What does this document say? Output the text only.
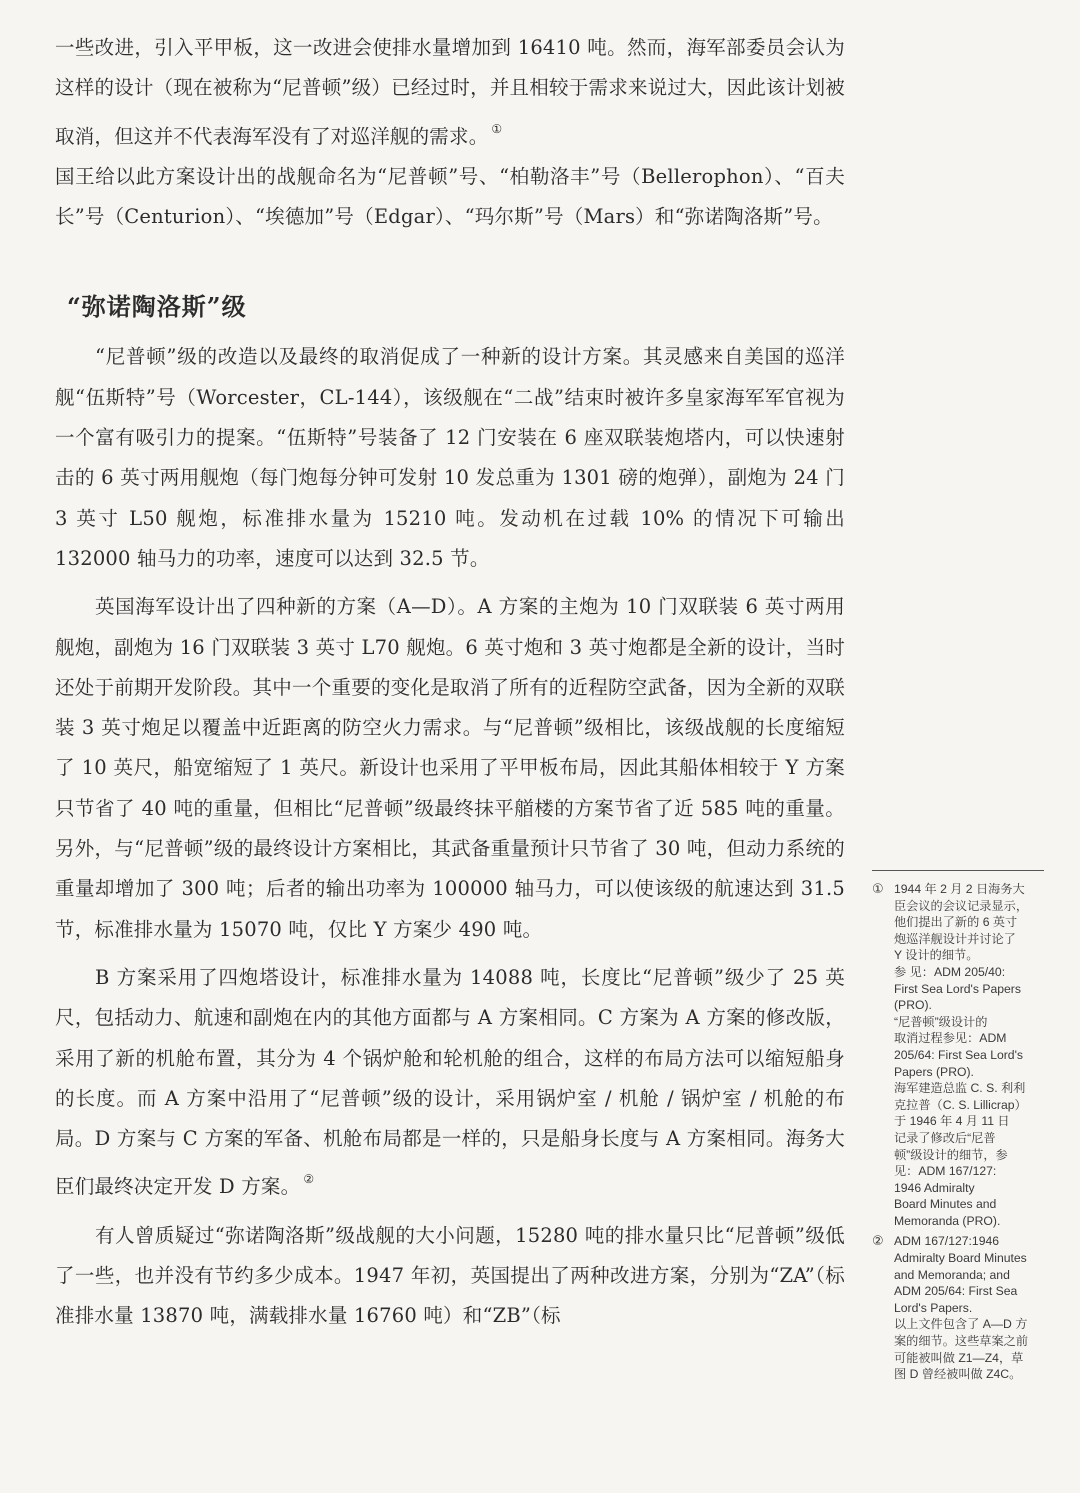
一些改进，引入平甲板，这一改进会使排水量增加到 16410 吨。然而，海军部委员会认为这样的设计（现在被称为“尼普顿”级）已经过时，并且相较于需求来说过大，因此该计划被取消，但这并不代表海军没有了对巡洋舰的需求。 ①

国王给以此方案设计出的战舰命名为“尼普顿”号、“柏勒洛丰”号（Bellerophon）、“百夫长”号（Centurion）、“埃德加”号（Edgar）、“玛尔斯”号（Mars）和“弥诺陶洛斯”号。

“弥诺陶洛斯”级

“尼普顿”级的改造以及最终的取消促成了一种新的设计方案。其灵感来自美国的巡洋舰“伍斯特”号（Worcester，CL-144），该级舰在“二战”结束时被许多皇家海军军官视为一个富有吸引力的提案。“伍斯特”号装备了 12 门安装在 6 座双联装炮塔内，可以快速射击的 6 英寸两用舰炮（每门炮每分钟可发射 10 发总重为 1301 磅的炮弹），副炮为 24 门 3 英寸 L50 舰炮，标准排水量为 15210 吨。发动机在过载 10% 的情况下可输出 132000 轴马力的功率，速度可以达到 32.5 节。

英国海军设计出了四种新的方案（A—D）。A 方案的主炮为 10 门双联装 6 英寸两用舰炮，副炮为 16 门双联装 3 英寸 L70 舰炮。6 英寸炮和 3 英寸炮都是全新的设计，当时还处于前期开发阶段。其中一个重要的变化是取消了所有的近程防空武备，因为全新的双联装 3 英寸炮足以覆盖中近距离的防空火力需求。与“尼普顿”级相比，该级战舰的长度缩短了 10 英尺，船宽缩短了 1 英尺。新设计也采用了平甲板布局，因此其船体相较于 Y 方案只节省了 40 吨的重量，但相比“尼普顿”级最终抹平艏楼的方案节省了近 585 吨的重量。另外，与“尼普顿”级的最终设计方案相比，其武备重量预计只节省了 30 吨，但动力系统的重量却增加了 300 吨；后者的输出功率为 100000 轴马力，可以使该级的航速达到 31.5 节，标准排水量为 15070 吨，仅比 Y 方案少 490 吨。

B 方案采用了四炮塔设计，标准排水量为 14088 吨，长度比“尼普顿”级少了 25 英尺，包括动力、航速和副炮在内的其他方面都与 A 方案相同。C 方案为 A 方案的修改版，采用了新的机舱布置，其分为 4 个锅炉舱和轮机舱的组合，这样的布局方法可以缩短船身的长度。而 A 方案中沿用了“尼普顿”级的设计，采用锅炉室 / 机舱 / 锅炉室 / 机舱的布局。D 方案与 C 方案的军备、机舱布局都是一样的，只是船身长度与 A 方案相同。海务大臣们最终决定开发 D 方案。 ②

有人曾质疑过“弥诺陶洛斯”级战舰的大小问题，15280 吨的排水量只比“尼普顿”级低了一些，也并没有节约多少成本。1947 年初，英国提出了两种改进方案，分别为“ZA”（标准排水量 13870 吨，满载排水量 16760 吨）和“ZB”（标

① 1944 年 2 月 2 日海务大
臣会议的会议记录显示，
他们提出了新的 6 英寸
炮巡洋舰设计并讨论了
Y 设计的细节。
参 见：ADM 205/40:
First Sea Lord's Papers
(PRO).
“尼普顿”级设计的
取消过程参见：ADM
205/64: First Sea Lord's
Papers (PRO).
海军建造总监 C. S. 利利
克拉普（C. S. Lillicrap）
于 1946 年 4 月 11 日
记录了修改后“尼普
顿”级设计的细节，参
见：ADM 167/127:
1946 Admiralty
Board Minutes and
Memoranda (PRO).
② ADM 167/127:1946
Admiralty Board Minutes
and Memoranda; and
ADM 205/64: First Sea
Lord's Papers.
以上文件包含了 A—D 方
案的细节。这些草案之前
可能被叫做 Z1—Z4，草
图 D 曾经被叫做 Z4C。
